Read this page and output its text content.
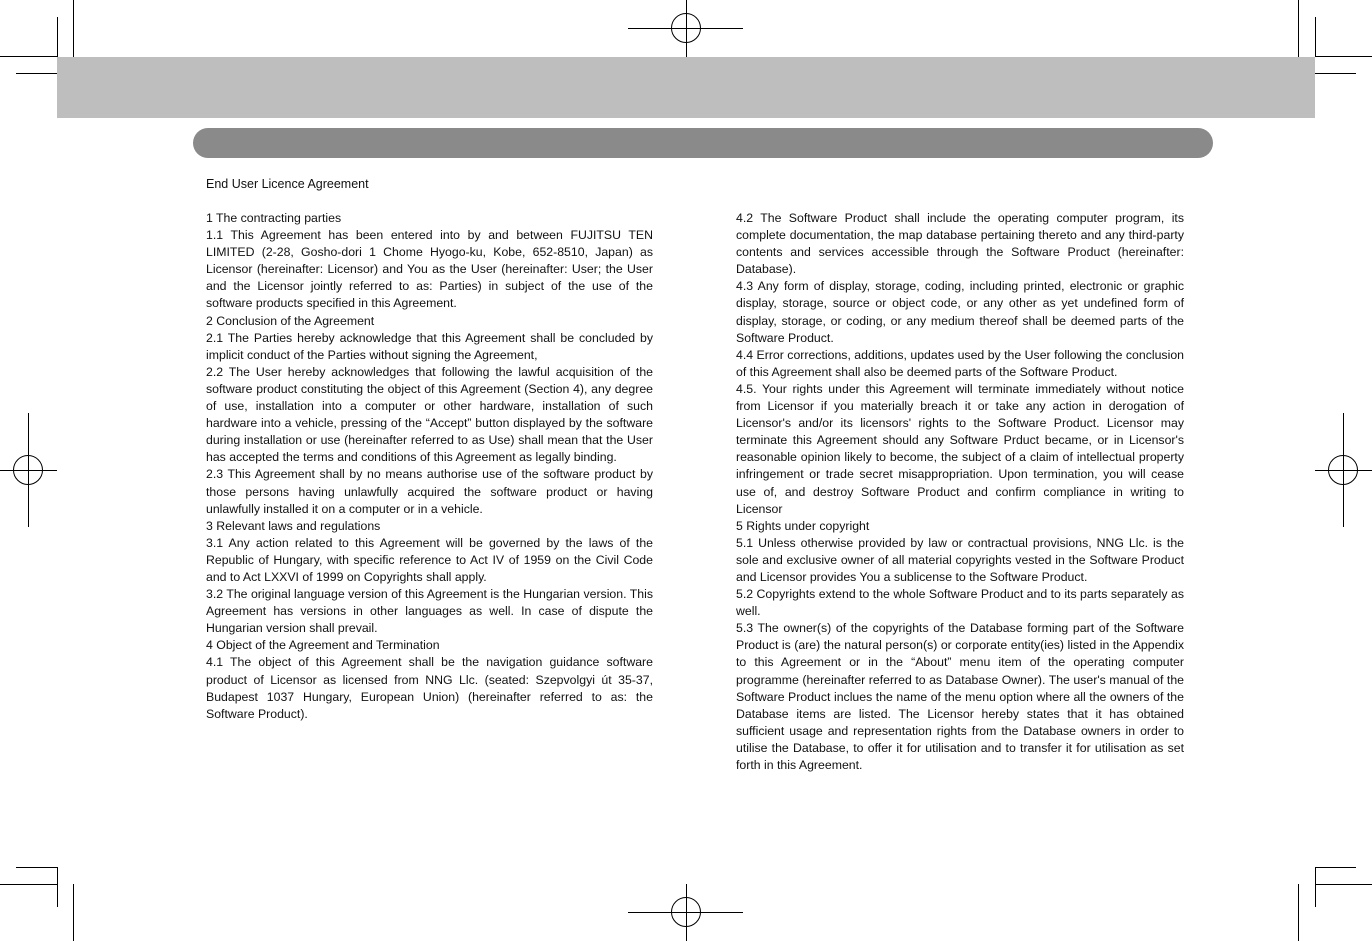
End User Licence Agreement

1 The contracting parties

1.1 This Agreement has been entered into by and between FUJITSU TEN LIMITED (2-28, Gosho-dori 1 Chome Hyogo-ku, Kobe, 652-8510, Japan) as Licensor (hereinafter: Licensor) and You as the User (hereinafter: User; the User and the Licensor jointly referred to as: Parties) in subject of the use of the software products specified in this Agreement.

2 Conclusion of the Agreement

2.1 The Parties hereby acknowledge that this Agreement shall be concluded by implicit conduct of the Parties without signing the Agreement,

2.2 The User hereby acknowledges that following the lawful acquisition of the software product constituting the object of this Agreement (Section 4), any degree of use, installation into a computer or other hardware, installation of such hardware into a vehicle, pressing of the “Accept” button displayed by the software during installation or use (hereinafter referred to as Use) shall mean that the User has accepted the terms and conditions of this Agreement as legally binding.

2.3 This Agreement shall by no means authorise use of the software product by those persons having unlawfully acquired the software product or having unlawfully installed it on a computer or in a vehicle.

3 Relevant laws and regulations

3.1 Any action related to this Agreement will be governed by the laws of the Republic of Hungary, with specific reference to Act IV of 1959 on the Civil Code and to Act LXXVI of 1999 on Copyrights shall apply.

3.2 The original language version of this Agreement is the Hungarian version. This Agreement has versions in other languages as well. In case of dispute the Hungarian version shall prevail.

4 Object of the Agreement and Termination

4.1 The object of this Agreement shall be the navigation guidance software product of Licensor as licensed from NNG Llc. (seated: Szepvolgyi út 35-37, Budapest 1037 Hungary, European Union) (hereinafter referred to as: the Software Product).

4.2 The Software Product shall include the operating computer program, its complete documentation, the map database pertaining thereto and any third-party contents and services accessible through the Software Product (hereinafter: Database).

4.3 Any form of display, storage, coding, including printed, electronic or graphic display, storage, source or object code, or any other as yet undefined form of display, storage, or coding, or any medium thereof shall be deemed parts of the Software Product.

4.4 Error corrections, additions, updates used by the User following the conclusion of this Agreement shall also be deemed parts of the Software Product.

4.5. Your rights under this Agreement will terminate immediately without notice from Licensor if you materially breach it or take any action in derogation of Licensor's and/or its licensors' rights to the Software Product. Licensor may terminate this Agreement should any Software Prduct became, or in Licensor's reasonable opinion likely to become, the subject of a claim of intellectual property infringement or trade secret misappropriation. Upon termination, you will cease use of, and destroy Software Product and confirm compliance in writing to Licensor

5 Rights under copyright

5.1 Unless otherwise provided by law or contractual provisions, NNG Llc. is the sole and exclusive owner of all material copyrights vested in the Software Product and Licensor provides You a sublicense to the Software Product.

5.2 Copyrights extend to the whole Software Product and to its parts separately as well.

5.3 The owner(s) of the copyrights of the Database forming part of the Software Product is (are) the natural person(s) or corporate entity(ies) listed in the Appendix to this Agreement or in the “About” menu item of the operating computer programme (hereinafter referred to as Database Owner). The user's manual of the Software Product inclues the name of the menu option where all the owners of the Database items are listed. The Licensor hereby states that it has obtained sufficient usage and representation rights from the Database owners in order to utilise the Database, to offer it for utilisation and to transfer it for utilisation as set forth in this Agreement.
